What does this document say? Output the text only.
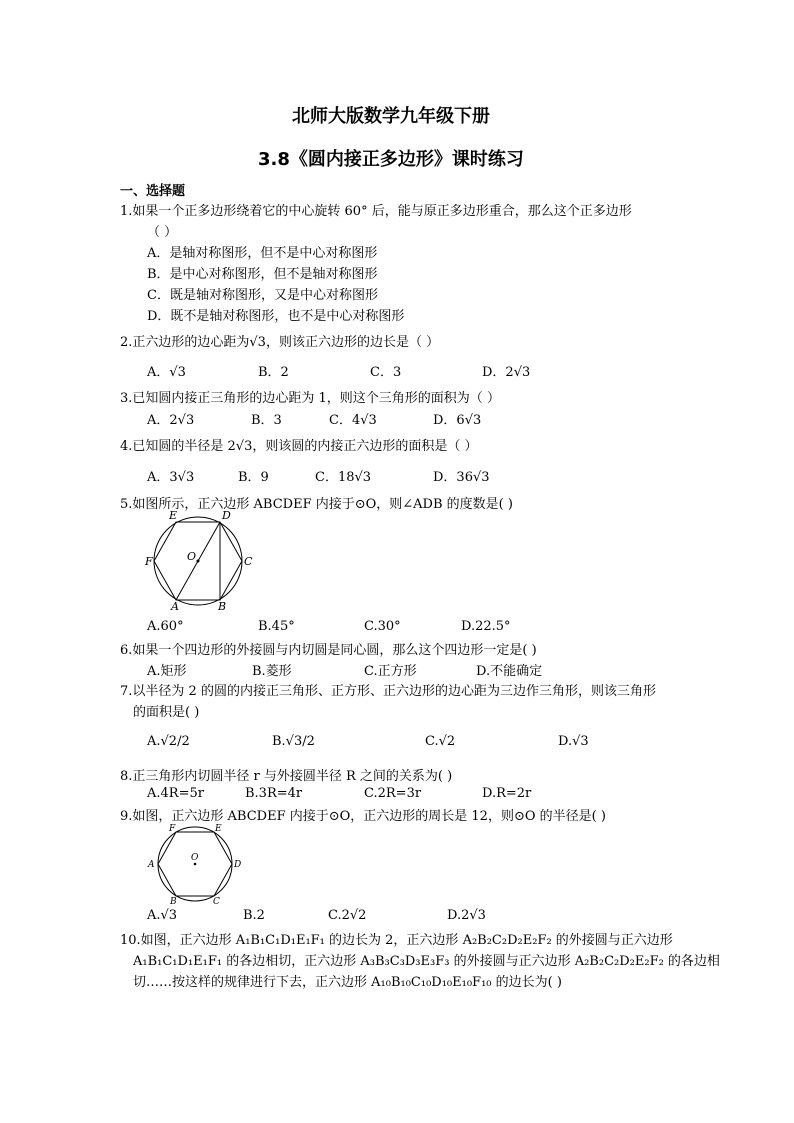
北师大版数学九年级下册
3.8《圆内接正多边形》课时练习
一、选择题
1.如果一个正多边形绕着它的中心旋转 60° 后，能与原正多边形重合，那么这个正多边形
（ ）
A．是轴对称图形，但不是中心对称图形
B．是中心对称图形，但不是轴对称图形
C．既是轴对称图形，又是中心对称图形
D．既不是轴对称图形，也不是中心对称图形
2.正六边形的边心距为√3，则该正六边形的边长是（ ）
A．√3	B．2	C．3	D．2√3
3.已知圆内接正三角形的边心距为 1，则这个三角形的面积为（ ）
A．2√3	B．3	C．4√3	D．6√3
4.已知圆的半径是 2√3，则该圆的内接正六边形的面积是（ ）
A．3√3	B．9	C．18√3	D．36√3
5.如图所示，正六边形 ABCDEF 内接于⊙O，则∠ADB 的度数是( )
E	D
F	O	C
A	B
A.60°	B.45°	C.30°	D.22.5°
6.如果一个四边形的外接圆与内切圆是同心圆，那么这个四边形一定是( )
A.矩形	B.菱形	C.正方形	D.不能确定
7.以半径为 2 的圆的内接正三角形、正方形、正六边形的边心距为三边作三角形，则该三角形
的面积是( )
A.√2/2	B.√3/2	C.√2	D.√3
8.正三角形内切圆半径 r 与外接圆半径 R 之间的关系为( )
A.4R=5r	B.3R=4r	C.2R=3r	D.R=2r
9.如图，正六边形 ABCDEF 内接于⊙O，正六边形的周长是 12，则⊙O 的半径是( )
F	E
A
O
D
B	C
A.√3	B.2	C.2√2	D.2√3
10.如图，正六边形 A₁B₁C₁D₁E₁F₁ 的边长为 2，正六边形 A₂B₂C₂D₂E₂F₂ 的外接圆与正六边形
A₁B₁C₁D₁E₁F₁ 的各边相切，正六边形 A₃B₃C₃D₃E₃F₃ 的外接圆与正六边形 A₂B₂C₂D₂E₂F₂ 的各边相
切……按这样的规律进行下去，正六边形 A₁₀B₁₀C₁₀D₁₀E₁₀F₁₀ 的边长为( )
